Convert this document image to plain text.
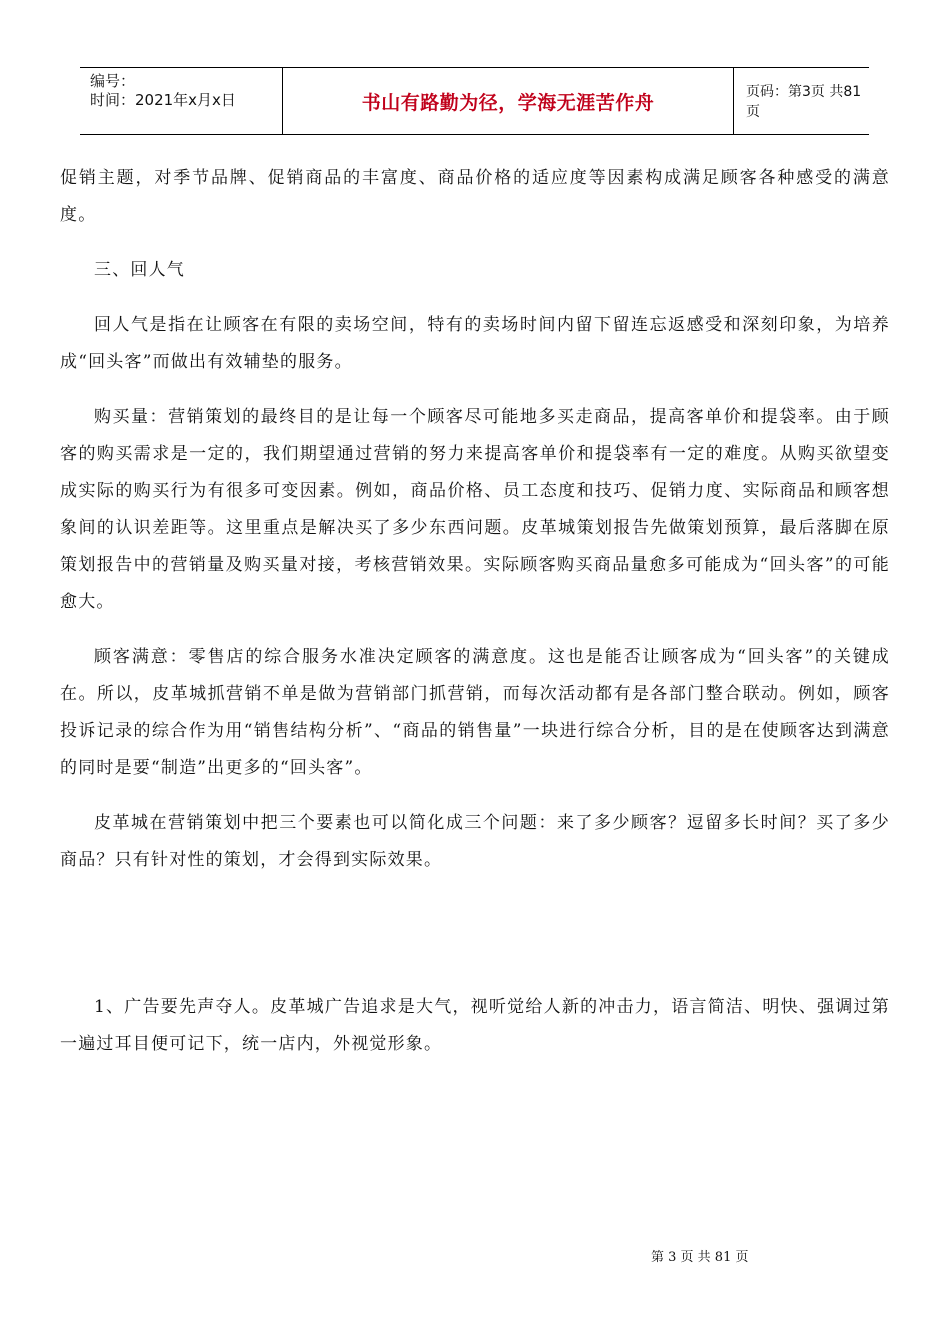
编号：
时间：2021年x月x日	书山有路勤为径，学海无涯苦作舟	页码：第3页 共81页

促销主题，对季节品牌、促销商品的丰富度、商品价格的适应度等因素构成满足顾客各种感受的满意度。

三、回人气

回人气是指在让顾客在有限的卖场空间，特有的卖场时间内留下留连忘返感受和深刻印象，为培养成“回头客”而做出有效辅垫的服务。

购买量：营销策划的最终目的是让每一个顾客尽可能地多买走商品，提高客单价和提袋率。由于顾客的购买需求是一定的，我们期望通过营销的努力来提高客单价和提袋率有一定的难度。从购买欲望变成实际的购买行为有很多可变因素。例如，商品价格、员工态度和技巧、促销力度、实际商品和顾客想象间的认识差距等。这里重点是解决买了多少东西问题。皮革城策划报告先做策划预算，最后落脚在原策划报告中的营销量及购买量对接，考核营销效果。实际顾客购买商品量愈多可能成为“回头客”的可能愈大。

顾客满意：零售店的综合服务水准决定顾客的满意度。这也是能否让顾客成为“回头客”的关键成在。所以，皮革城抓营销不单是做为营销部门抓营销，而每次活动都有是各部门整合联动。例如，顾客投诉记录的综合作为用“销售结构分析”、“商品的销售量”一块进行综合分析，目的是在使顾客达到满意的同时是要“制造”出更多的“回头客”。

皮革城在营销策划中把三个要素也可以简化成三个问题：来了多少顾客？逗留多长时间？买了多少商品？只有针对性的策划，才会得到实际效果。

1、广告要先声夺人。皮革城广告追求是大气，视听觉给人新的冲击力，语言简洁、明快、强调过第一遍过耳目便可记下，统一店内，外视觉形象。

第 3 页 共 81 页
